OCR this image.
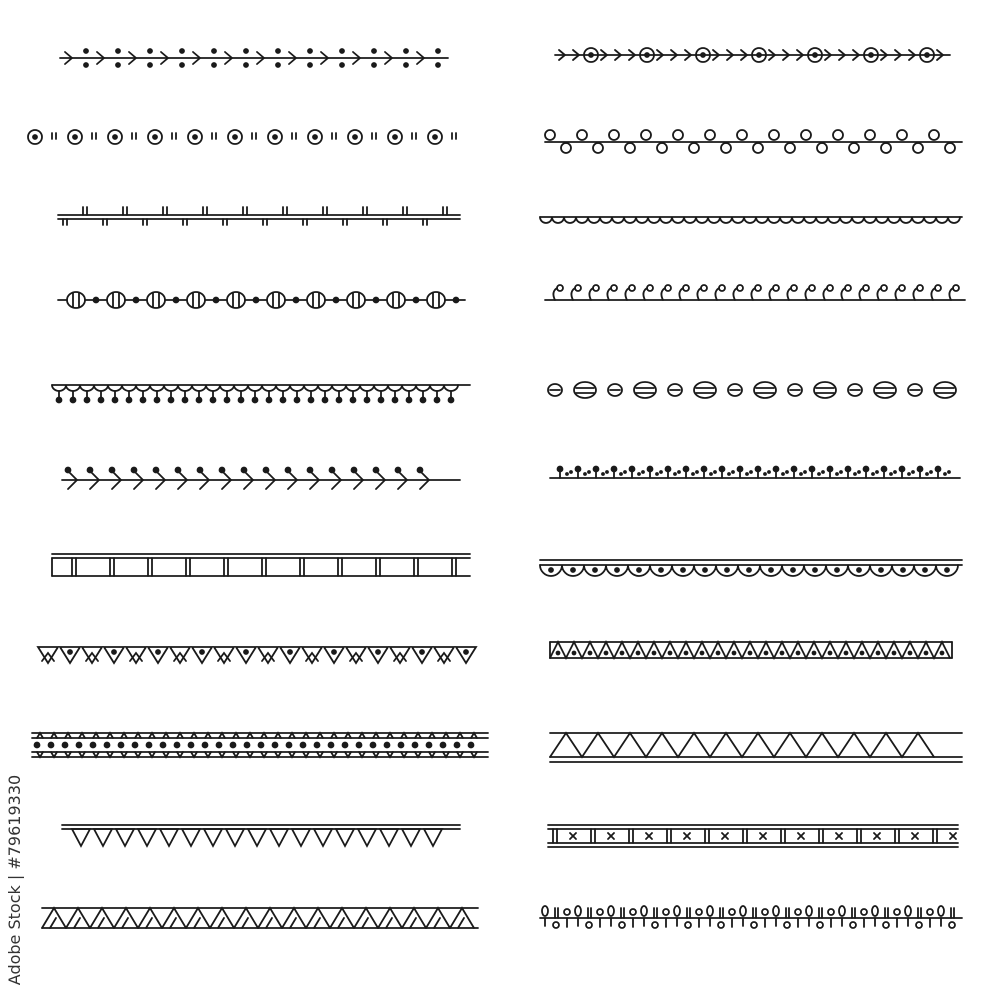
Adobe Stock | #79619330
